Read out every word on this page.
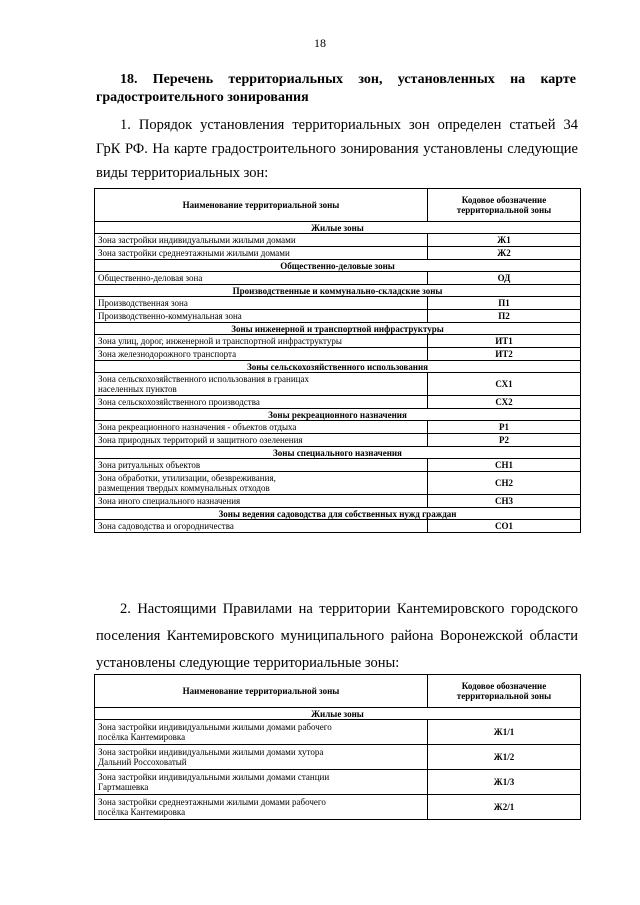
18
18. Перечень территориальных зон, установленных на карте
градостроительного зонирования
1. Порядок установления территориальных зон определен статьей 34
ГрК РФ. На карте градостроительного зонирования установлены следующие
виды территориальных зон:
Наименование территориальной зоны	Кодовое обозначение
территориальной зоны
Жилые зоны	
Зона застройки индивидуальными жилыми домами	Ж1
Зона застройки среднеэтажными жилыми домами	Ж2
Общественно-деловые зоны	
Общественно-деловая зона	ОД
Производственные и коммунально-складские зоны	
Производственная зона	П1
Производственно-коммунальная зона	П2
Зоны инженерной и транспортной инфраструктуры	
Зона улиц, дорог, инженерной и транспортной инфраструктуры	ИТ1
Зона железнодорожного транспорта	ИТ2
Зоны сельскохозяйственного использования	
Зона сельскохозяйственного использования в границах
населенных пунктов	СХ1
Зона сельскохозяйственного производства	СХ2
Зоны рекреационного назначения	
Зона рекреационного назначения - объектов отдыха	Р1
Зона природных территорий и защитного озеленения	Р2
Зоны специального назначения	
Зона ритуальных объектов	СН1
Зона обработки, утилизации, обезвреживания,
размещения твердых коммунальных отходов	СН2
Зона иного специального назначения	СН3
Зоны ведения садоводства для собственных нужд граждан	
Зона садоводства и огородничества	СО1
2. Настоящими Правилами на территории Кантемировского городского
поселения Кантемировского муниципального района Воронежской области
установлены следующие территориальные зоны:
Наименование территориальной зоны	Кодовое обозначение
территориальной зоны
Жилые зоны	
Зона застройки индивидуальными жилыми домами рабочего
посёлка Кантемировка	Ж1/1
Зона застройки индивидуальными жилыми домами хутора
Дальний Россоховатый	Ж1/2
Зона застройки индивидуальными жилыми домами станции
Гартмашевка	Ж1/3
Зона застройки среднеэтажными жилыми домами рабочего
посёлка Кантемировка	Ж2/1
